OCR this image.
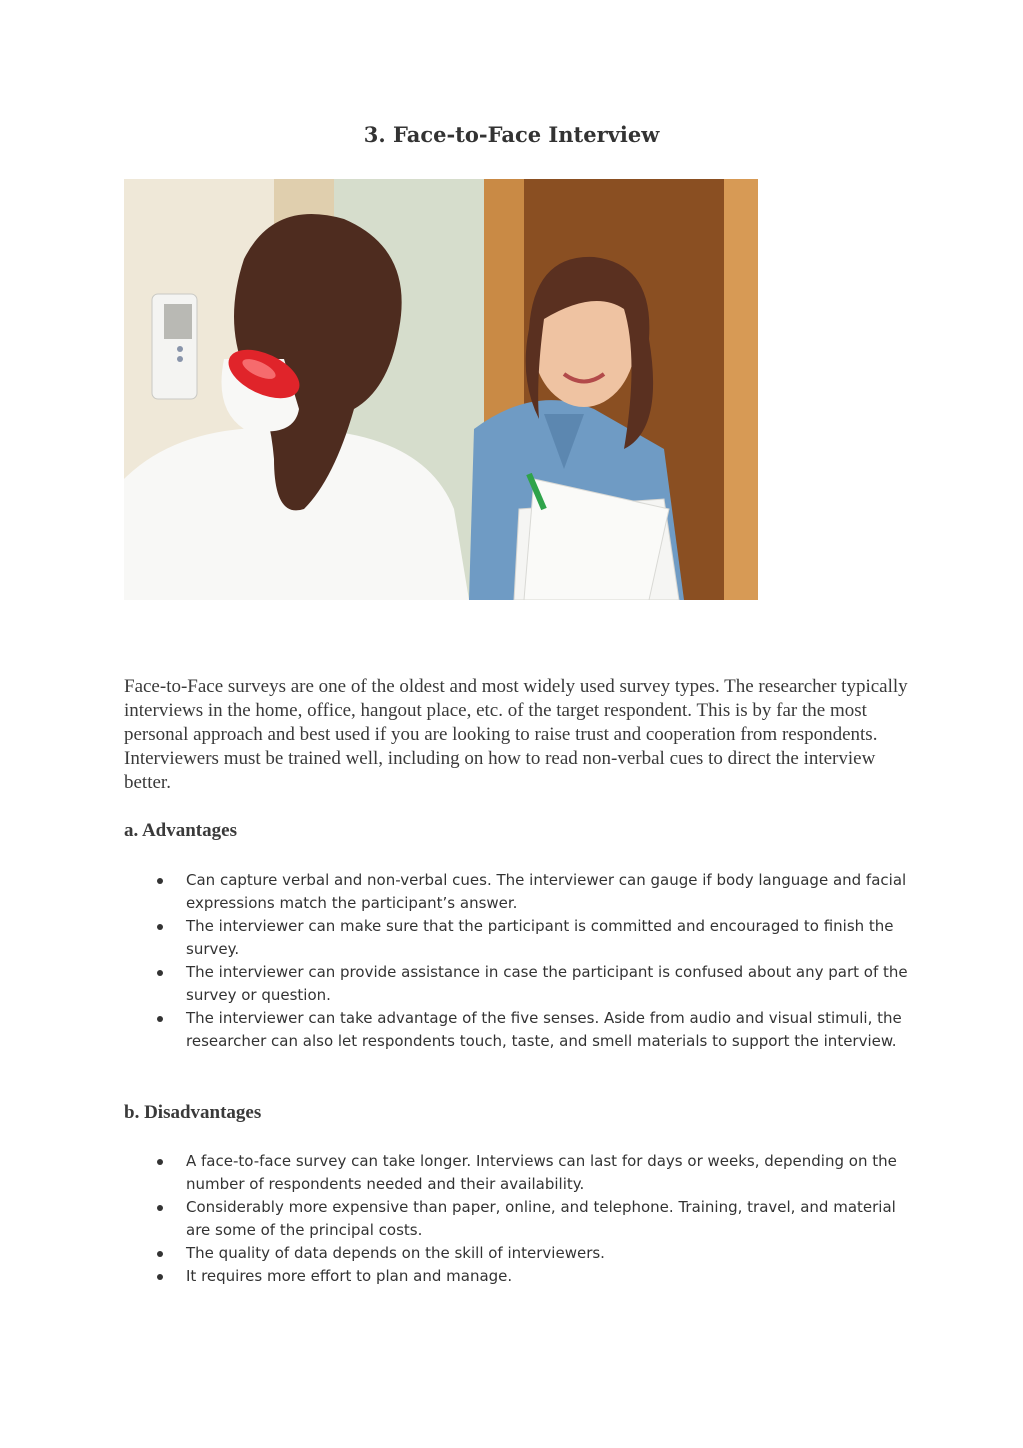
3. Face-to-Face Interview

Face-to-Face surveys are one of the oldest and most widely used survey types. The researcher typically interviews in the home, office, hangout place, etc. of the target respondent. This is by far the most personal approach and best used if you are looking to raise trust and cooperation from respondents. Interviewers must be trained well, including on how to read non-verbal cues to direct the interview better.

a. Advantages
Can capture verbal and non-verbal cues. The interviewer can gauge if body language and facial expressions match the participant’s answer.
The interviewer can make sure that the participant is committed and encouraged to finish the survey.
The interviewer can provide assistance in case the participant is confused about any part of the survey or question.
The interviewer can take advantage of the five senses. Aside from audio and visual stimuli, the researcher can also let respondents touch, taste, and smell materials to support the interview.
b. Disadvantages
A face-to-face survey can take longer. Interviews can last for days or weeks, depending on the number of respondents needed and their availability.
Considerably more expensive than paper, online, and telephone. Training, travel, and material are some of the principal costs.
The quality of data depends on the skill of interviewers.
It requires more effort to plan and manage.
